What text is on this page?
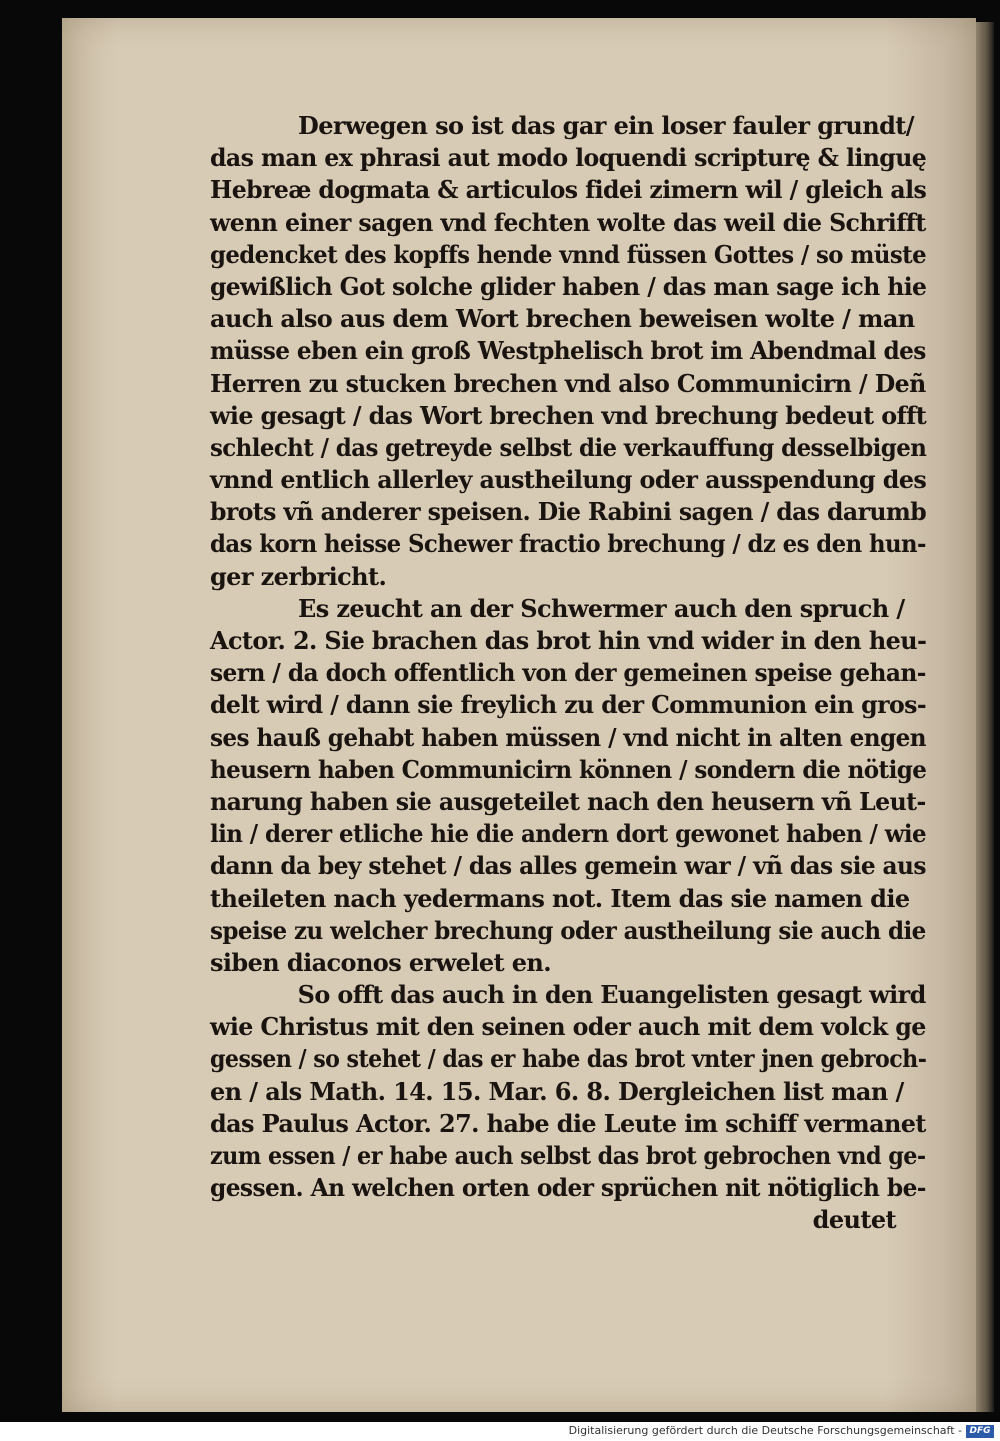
Derwegen so ist das gar ein loser fauler grundt/
das man ex phrasi aut modo loquendi scripturę & linguę
Hebreæ dogmata & articulos fidei zimern wil / gleich als
wenn einer sagen vnd fechten wolte das weil die Schrifft
gedencket des kopffs hende vnnd füssen Gottes / so müste
gewißlich Got solche glider haben / das man sage ich hie
auch also aus dem Wort brechen beweisen wolte / man
müsse eben ein groß Westphelisch brot im Abendmal des
Herren zu stucken brechen vnd also Communicirn / Deñ
wie gesagt / das Wort brechen vnd brechung bedeut offt
schlecht / das getreyde selbst die verkauffung desselbigen
vnnd entlich allerley austheilung oder ausspendung des
brots vñ anderer speisen. Die Rabini sagen / das darumb
das korn heisse Schewer fractio brechung / dz es den hun-
ger zerbricht.
Es zeucht an der Schwermer auch den spruch /
Actor. 2. Sie brachen das brot hin vnd wider in den heu-
sern / da doch offentlich von der gemeinen speise gehan-
delt wird / dann sie freylich zu der Communion ein gros-
ses hauß gehabt haben müssen / vnd nicht in alten engen
heusern haben Communicirn können / sondern die nötige
narung haben sie ausgeteilet nach den heusern vñ Leut-
lin / derer etliche hie die andern dort gewonet haben / wie
dann da bey stehet / das alles gemein war / vñ das sie aus
theileten nach yedermans not. Item das sie namen die
speise zu welcher brechung oder austheilung sie auch die
siben diaconos erwelet en.
So offt das auch in den Euangelisten gesagt wird
wie Christus mit den seinen oder auch mit dem volck ge
gessen / so stehet / das er habe das brot vnter jnen gebroch-
en / als Math. 14. 15. Mar. 6. 8. Dergleichen list man /
das Paulus Actor. 27. habe die Leute im schiff vermanet
zum essen / er habe auch selbst das brot gebrochen vnd ge-
gessen. An welchen orten oder sprüchen nit nötiglich be-
deutet
Digitalisierung gefördert durch die Deutsche Forschungsgemeinschaft - DFG
